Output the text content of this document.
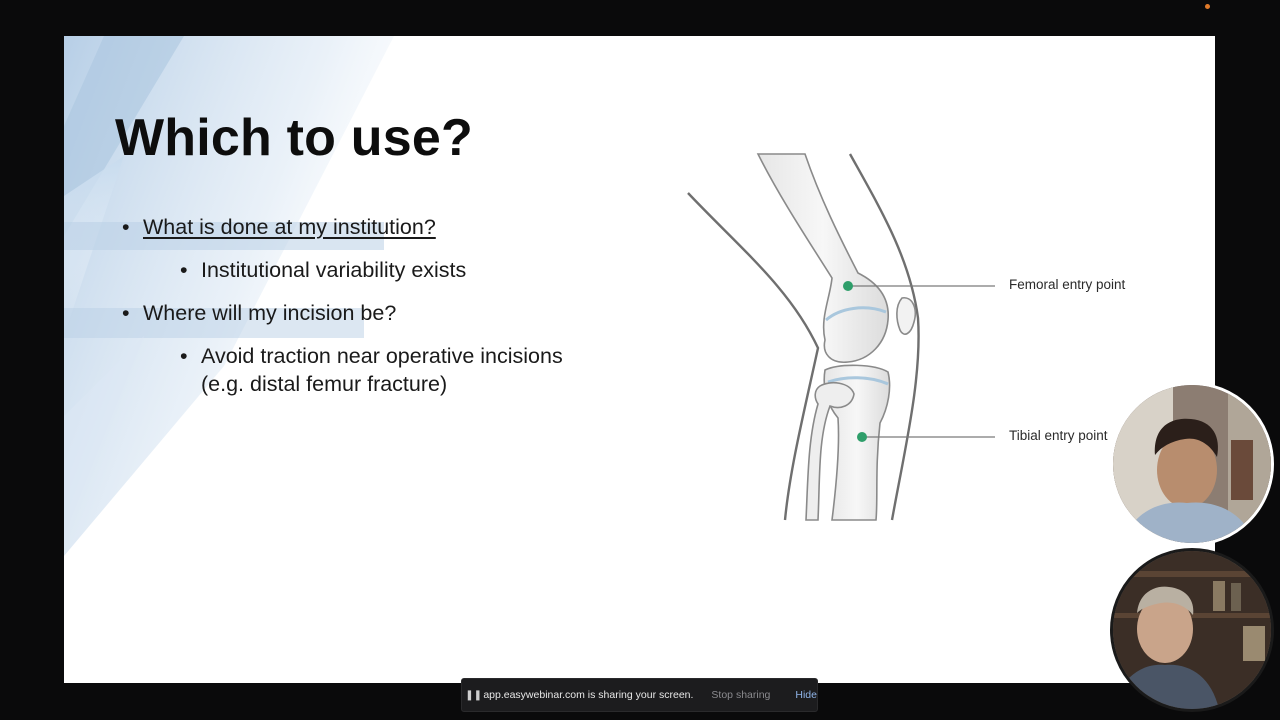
Which to use?
• What is done at my institution?
• Institutional variability exists
• Where will my incision be?
• Avoid traction near operative incisions
(e.g. distal femur fracture)
Femoral entry point
Tibial entry point
❚❚ app.easywebinar.com is sharing your screen. Stop sharing Hide
